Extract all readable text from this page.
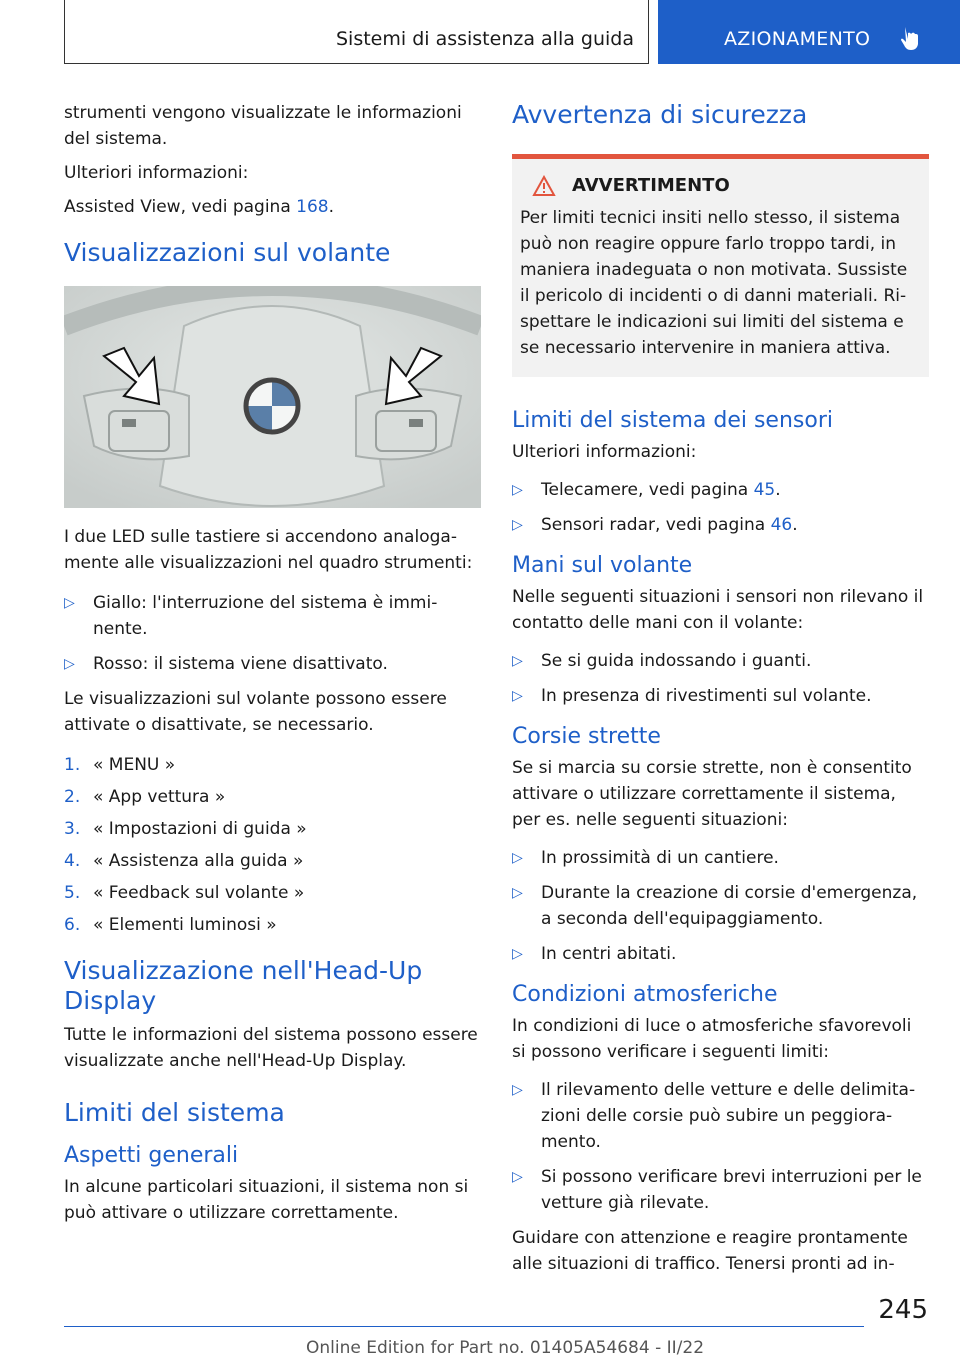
Sistemi di assistenza alla guida	AZIONAMENTO

strumenti vengono visualizzate le informazioni del sistema.

Ulteriori informazioni:

Assisted View, vedi pagina 168.

Visualizzazioni sul volante

I due LED sulle tastiere si accendono analogamente alle visualizzazioni nel quadro strumenti:

▷ Giallo: l'interruzione del sistema è imminente.
▷ Rosso: il sistema viene disattivato.

Le visualizzazioni sul volante possono essere attivate o disattivate, se necessario.

1. « MENU »
2. « App vettura »
3. « Impostazioni di guida »
4. « Assistenza alla guida »
5. « Feedback sul volante »
6. « Elementi luminosi »
Visualizzazione nell'Head-Up Display

Tutte le informazioni del sistema possono essere visualizzate anche nell'Head-Up Display.

Limiti del sistema
Aspetti generali

In alcune particolari situazioni, il sistema non si può attivare o utilizzare correttamente.

Avvertenza di sicurezza
AVVERTIMENTO

Per limiti tecnici insiti nello stesso, il sistema può non reagire oppure farlo troppo tardi, in maniera inadeguata o non motivata. Sussiste il pericolo di incidenti o di danni materiali. Rispettare le indicazioni sui limiti del sistema e se necessario intervenire in maniera attiva.

Limiti del sistema dei sensori

Ulteriori informazioni:

▷ Telecamere, vedi pagina 45.
▷ Sensori radar, vedi pagina 46.
Mani sul volante

Nelle seguenti situazioni i sensori non rilevano il contatto delle mani con il volante:

▷ Se si guida indossando i guanti.
▷ In presenza di rivestimenti sul volante.
Corsie strette

Se si marcia su corsie strette, non è consentito attivare o utilizzare correttamente il sistema, per es. nelle seguenti situazioni:

▷ In prossimità di un cantiere.
▷ Durante la creazione di corsie d'emergenza, a seconda dell'equipaggiamento.
▷ In centri abitati.
Condizioni atmosferiche

In condizioni di luce o atmosferiche sfavorevoli si possono verificare i seguenti limiti:

▷ Il rilevamento delle vetture e delle delimitazioni delle corsie può subire un peggioramento.
▷ Si possono verificare brevi interruzioni per le vetture già rilevate.

Guidare con attenzione e reagire prontamente alle situazioni di traffico. Tenersi pronti ad in-

245
Online Edition for Part no. 01405A54684 - II/22
